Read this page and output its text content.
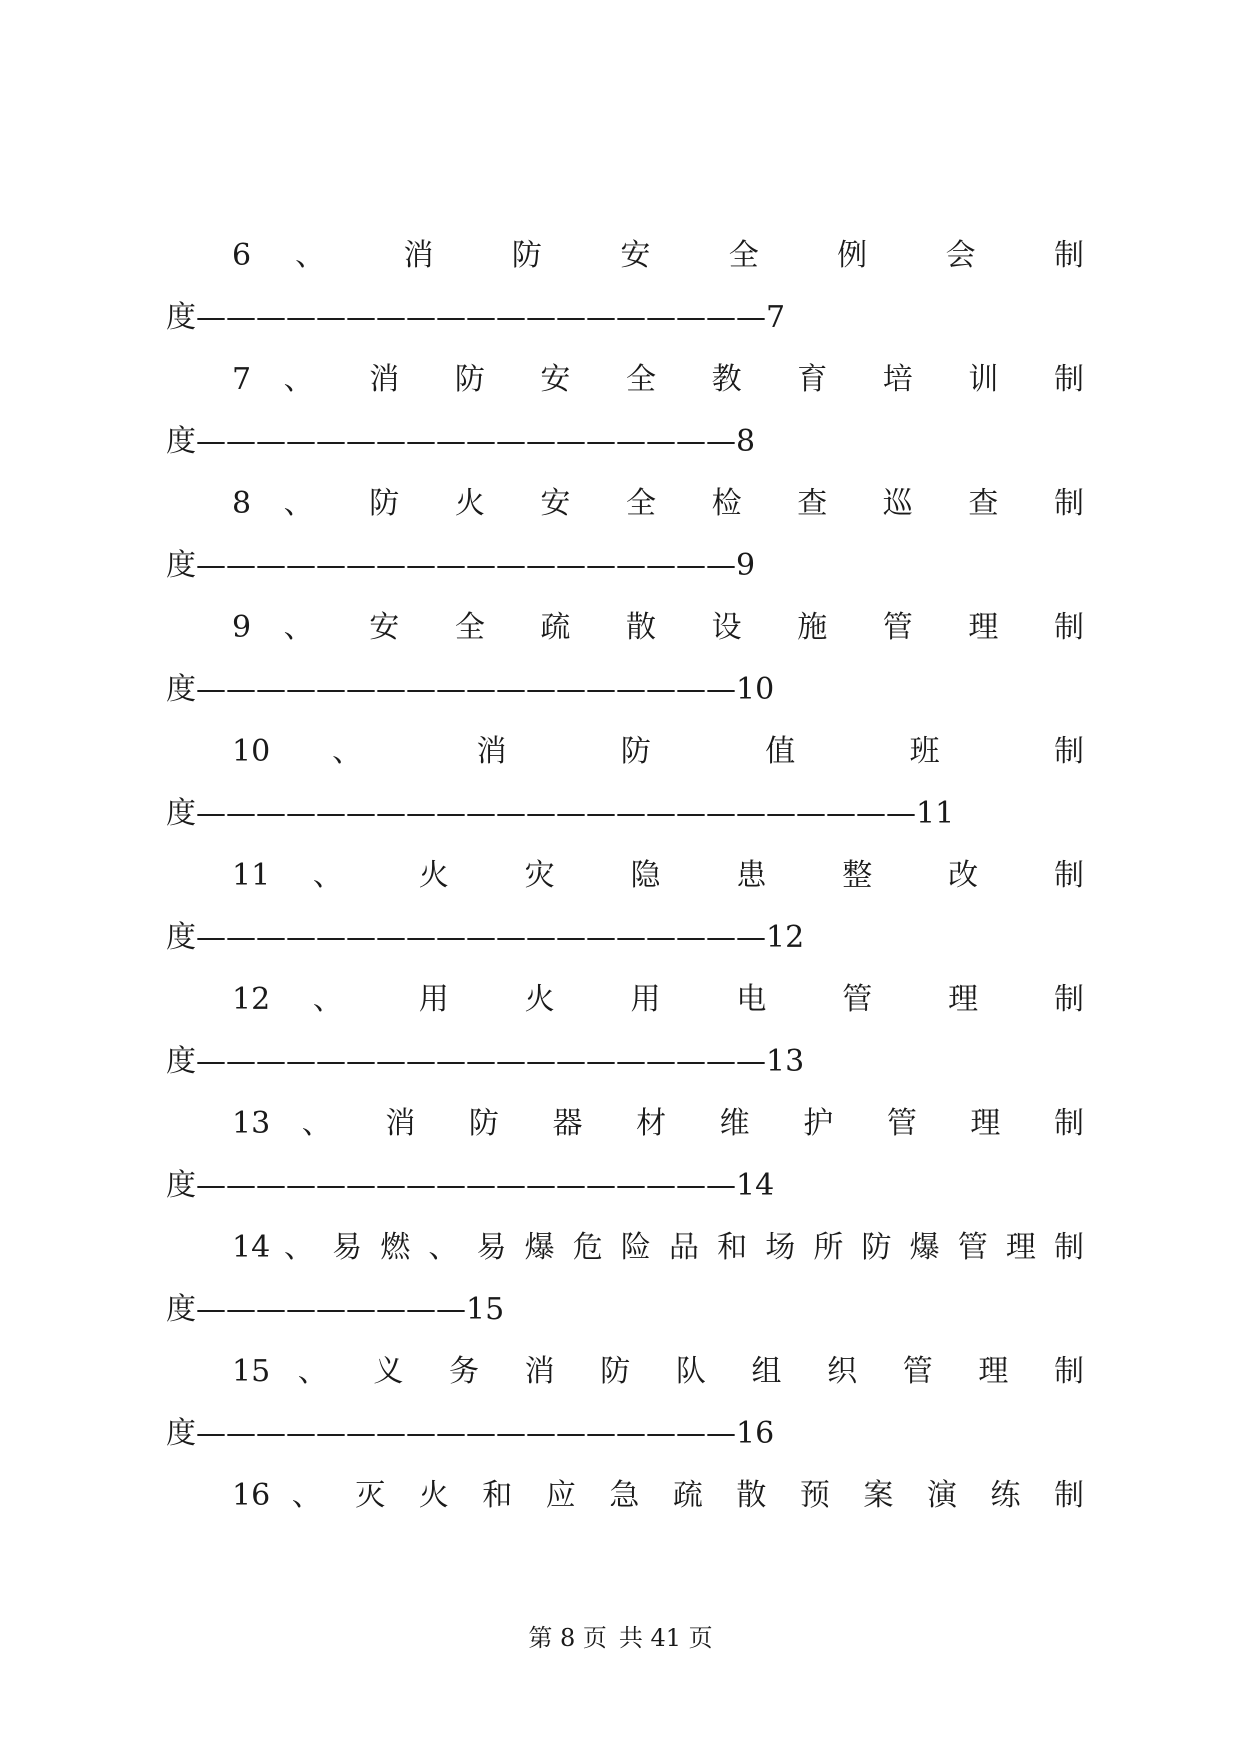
6 、 消 防 安 全 例 会 制
度———————————————————7
7 、 消 防 安 全 教 育 培 训 制
度——————————————————8
8 、 防 火 安 全 检 查 巡 查 制
度——————————————————9
9 、 安 全 疏 散 设 施 管 理 制
度——————————————————10
10 、 消 防 值 班 制
度————————————————————————11
11 、 火 灾 隐 患 整 改 制
度———————————————————12
12 、 用 火 用 电 管 理 制
度———————————————————13
13 、 消 防 器 材 维 护 管 理 制
度——————————————————14
14 、 易 燃 、 易 爆 危 险 品 和 场 所 防 爆 管 理 制
度—————————15
15 、 义 务 消 防 队 组 织 管 理 制
度——————————————————16
16 、 灭 火 和 应 急 疏 散 预 案 演 练 制
第 8 页 共 41 页
